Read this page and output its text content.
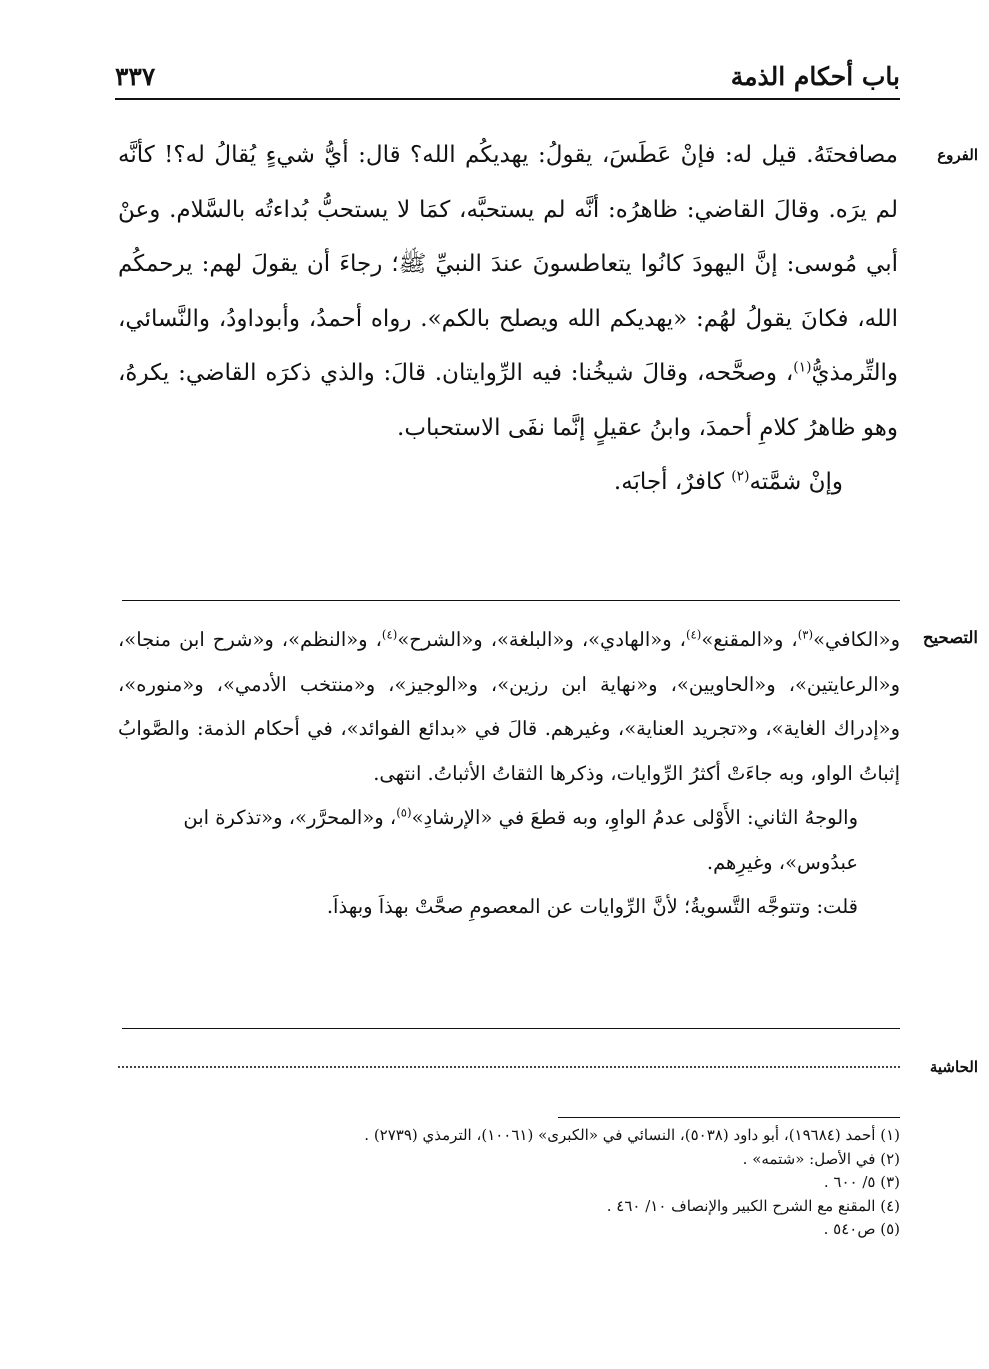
باب أحكام الذمة
٣٣٧
الفروع
التصحيح
الحاشية

مصافحتَهُ. قيل له: فإنْ عَطَسَ، يقولُ: يهديكُم الله؟ قال: أيُّ شيءٍ يُقالُ له؟! كأنَّه لم يرَه. وقالَ القاضي: ظاهرُه: أنَّه لم يستحبَّه، كمَا لا يستحبُّ بُداءتُه بالسَّلام. وعنْ أبي مُوسى: إنَّ اليهودَ كانُوا يتعاطسونَ عندَ النبيِّ ﷺ؛ رجاءَ أن يقولَ لهم: يرحمكُم الله، فكانَ يقولُ لهُم: «يهديكم الله ويصلح بالكم». رواه أحمدُ، وأبوداودُ، والنَّسائي، والتِّرمذيُّ$^{(١)}$، وصحَّحه، وقالَ شيخُنا: فيه الرِّوايتان. قالَ: والذي ذكرَه القاضي: يكرهُ، وهو ظاهرُ كلامِ أحمدَ، وابنُ عقيلٍ إنَّما نفَى الاستحباب.

وإنْ شمَّته$^{(٢)}$ كافرٌ، أجابَه.

و«الكافي»$^{(٣)}$، و«المقنع»$^{(٤)}$، و«الهادي»، و«البلغة»، و«الشرح»$^{(٤)}$، و«النظم»، و«شرح ابن منجا»، و«الرعايتين»، و«الحاويين»، و«نهاية ابن رزين»، و«الوجيز»، و«منتخب الأدمي»، و«منوره»، و«إدراك الغاية»، و«تجريد العناية»، وغيرهم. قالَ في «بدائع الفوائد»، في أحكام الذمة: والصَّوابُ إثباتُ الواو، وبه جاءَتْ أكثرُ الرِّوايات، وذكرها الثقاتُ الأثباتُ. انتهى.

والوجهُ الثاني: الأَوْلى عدمُ الواوِ، وبه قطعَ في «الإرشادِ»$^{(٥)}$، و«المحرَّر»، و«تذكرة ابن عبدُوس»، وغيرِهم.

قلت: وتتوجَّه التَّسويةُ؛ لأنَّ الرِّوايات عن المعصومِ صحَّتْ بهذاَ وبهذاَ.

(١) أحمد (١٩٦٨٤)، أبو داود (٥٠٣٨)، النسائي في «الكبرى» (١٠٠٦١)، الترمذي (٢٧٣٩) .
(٢) في الأصل: «شتمه» .
(٣) ٥/ ٦٠٠ .
(٤) المقنع مع الشرح الكبير والإنصاف ١٠/ ٤٦٠ .
(٥) ص٥٤٠ .
